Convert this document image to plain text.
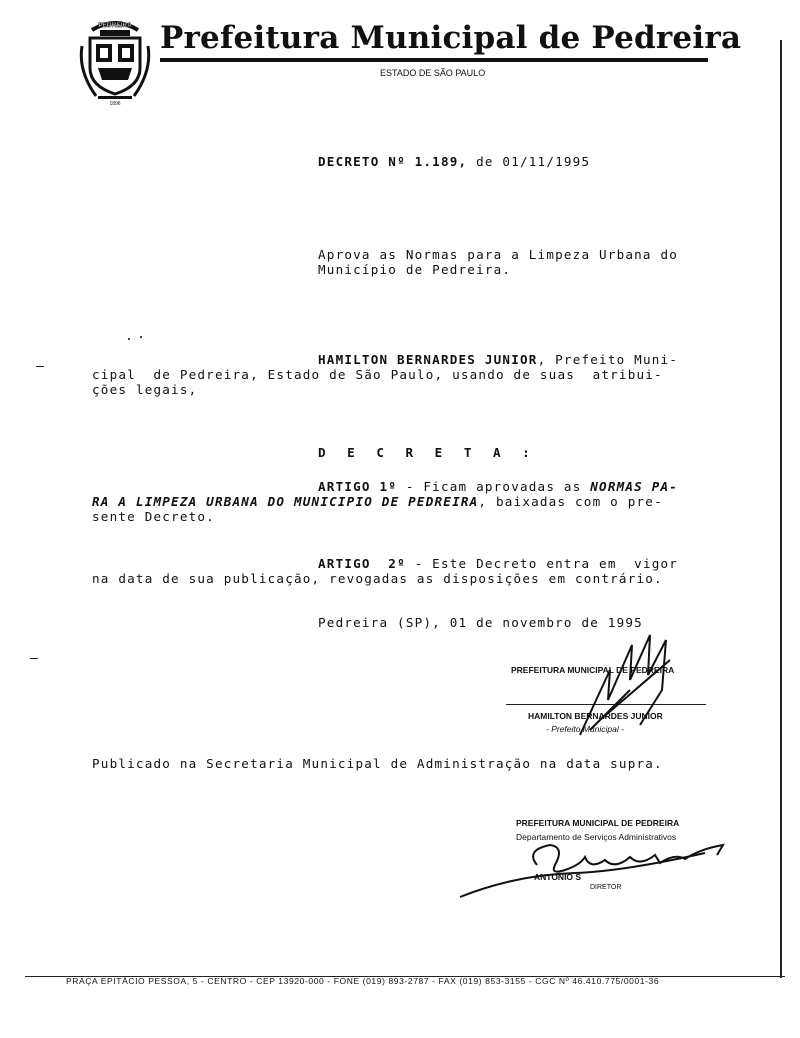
PEDREIRA
1896
Prefeitura Municipal de Pedreira
ESTADO DE SÃO PAULO
DECRETO Nº 1.189, de 01/11/1995
Aprova as Normas para a Limpeza Urbana do
Município de Pedreira.
HAMILTON BERNARDES JUNIOR, Prefeito Muni-
cipal  de Pedreira, Estado de São Paulo, usando de suas  atribui-
ções legais,
D E C R E T A :
ARTIGO 1º - Ficam aprovadas as NORMAS PA-
RA A LIMPEZA URBANA DO MUNICIPIO DE PEDREIRA, baixadas com o pre-
sente Decreto.
ARTIGO  2º - Este Decreto entra em  vigor
na data de sua publicação, revogadas as disposições em contrário.
Pedreira (SP), 01 de novembro de 1995
PREFEITURA MUNICIPAL DE PEDREIRA
HAMILTON BERNARDES JUNIOR
- Prefeito Municipal -
Publicado na Secretaria Municipal de Administração na data supra.
PREFEITURA MUNICIPAL DE PEDREIRA
Departamento de Serviços Administrativos
ANTONIO S
DIRETOR
PRAÇA EPITÁCIO PESSOA, 5 - CENTRO - CEP 13920-000 - FONE (019) 893-2787 - FAX (019) 853-3155 - CGC Nº 46.410.775/0001-36
